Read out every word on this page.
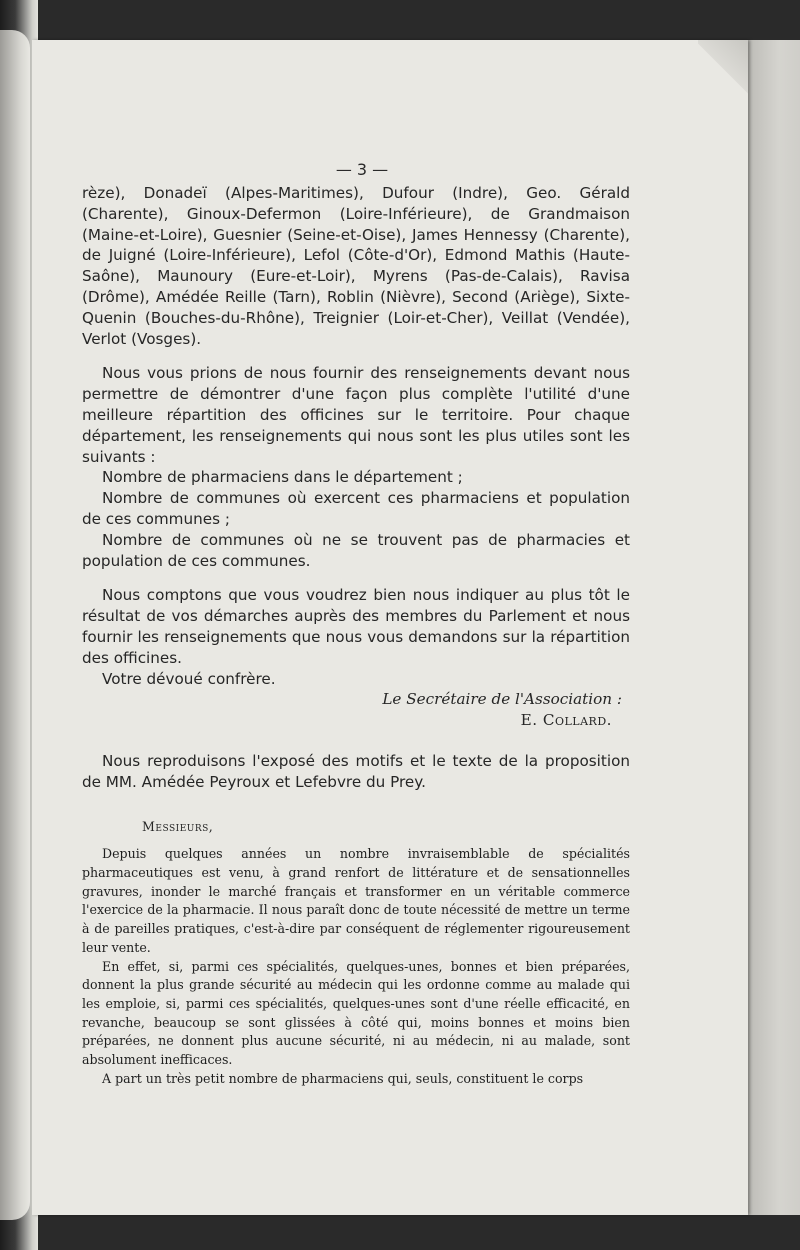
— 3 —

rèze), Donadeï (Alpes-Maritimes), Dufour (Indre), Geo. Gérald (Charente), Ginoux-Defermon (Loire-Inférieure), de Grandmaison (Maine-et-Loire), Guesnier (Seine-et-Oise), James Hennessy (Charente), de Juigné (Loire-Inférieure), Lefol (Côte-d'Or), Edmond Mathis (Haute-Saône), Maunoury (Eure-et-Loir), Myrens (Pas-de-Calais), Ravisa (Drôme), Amédée Reille (Tarn), Roblin (Nièvre), Second (Ariège), Sixte-Quenin (Bouches-du-Rhône), Treignier (Loir-et-Cher), Veillat (Vendée), Verlot (Vosges).

Nous vous prions de nous fournir des renseignements devant nous permettre de démontrer d'une façon plus complète l'utilité d'une meilleure répartition des officines sur le territoire. Pour chaque département, les renseignements qui nous sont les plus utiles sont les suivants :

Nombre de pharmaciens dans le département ;

Nombre de communes où exercent ces pharmaciens et population de ces communes ;

Nombre de communes où ne se trouvent pas de pharmacies et population de ces communes.

Nous comptons que vous voudrez bien nous indiquer au plus tôt le résultat de vos démarches auprès des membres du Parlement et nous fournir les renseignements que nous vous demandons sur la répartition des officines.

Votre dévoué confrère.

Le Secrétaire de l'Association :

E. Collard.

Nous reproduisons l'exposé des motifs et le texte de la proposition de MM. Amédée Peyroux et Lefebvre du Prey.

Messieurs,

Depuis quelques années un nombre invraisemblable de spécialités pharmaceutiques est venu, à grand renfort de littérature et de sensationnelles gravures, inonder le marché français et transformer en un véritable commerce l'exercice de la pharmacie. Il nous paraît donc de toute nécessité de mettre un terme à de pareilles pratiques, c'est-à-dire par conséquent de réglementer rigoureusement leur vente.

En effet, si, parmi ces spécialités, quelques-unes, bonnes et bien préparées, donnent la plus grande sécurité au médecin qui les ordonne comme au malade qui les emploie, si, parmi ces spécialités, quelques-unes sont d'une réelle efficacité, en revanche, beaucoup se sont glissées à côté qui, moins bonnes et moins bien préparées, ne donnent plus aucune sécurité, ni au médecin, ni au malade, sont absolument inefficaces.

A part un très petit nombre de pharmaciens qui, seuls, constituent le corps
